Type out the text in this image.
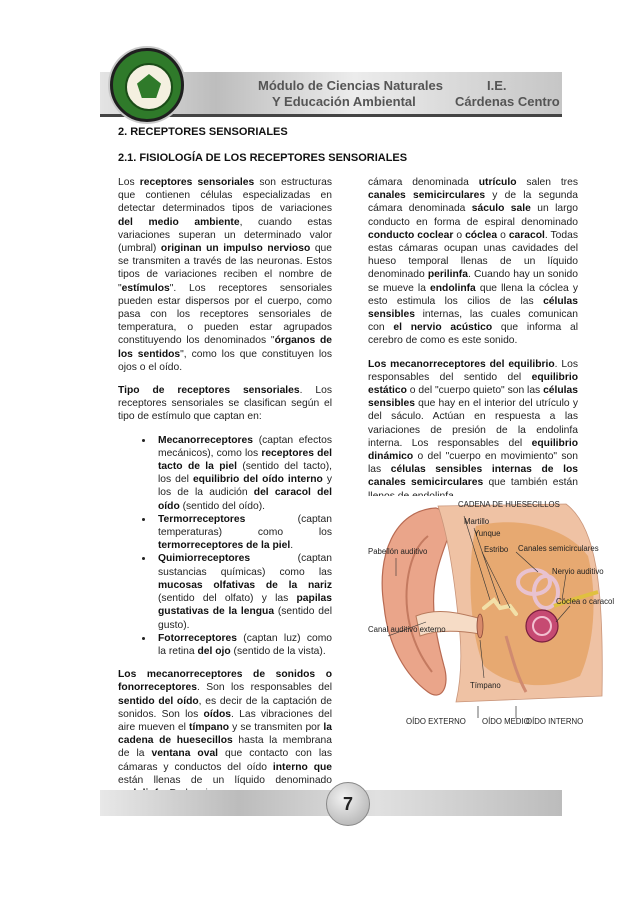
Módulo de Ciencias Naturales
Y Educación Ambiental
I.E.
Cárdenas Centro
2. RECEPTORES SENSORIALES
2.1. FISIOLOGÍA DE LOS RECEPTORES SENSORIALES

Los receptores sensoriales son estructuras que contienen células especializadas en detectar determinados tipos de variaciones del medio ambiente, cuando estas variaciones superan un determinado valor (umbral) originan un impulso nervioso que se transmiten a través de las neuronas. Estos tipos de variaciones reciben el nombre de "estímulos". Los receptores sensoriales pueden estar dispersos por el cuerpo, como pasa con los receptores sensoriales de temperatura, o pueden estar agrupados constituyendo los denominados "órganos de los sentidos", como los que constituyen los ojos o el oído.

Tipo de receptores sensoriales. Los receptores sensoriales se clasifican según el tipo de estímulo que captan en:

• Mecanorreceptores (captan efectos mecánicos), como los receptores del tacto de la piel (sentido del tacto), los del equilibrio del oído interno y los de la audición del caracol del oído (sentido del oído).
• Termorreceptores (captan temperaturas) como los termorreceptores de la piel.
• Quimiorreceptores (captan sustancias químicas) como las mucosas olfativas de la nariz (sentido del olfato) y las papilas gustativas de la lengua (sentido del gusto).
• Fotorreceptores (captan luz) como la retina del ojo (sentido de la vista).

Los mecanorreceptores de sonidos o fonorreceptores. Son los responsables del sentido del oído, es decir de la captación de sonidos. Son los oídos. Las vibraciones del aire mueven el tímpano y se transmiten por la cadena de huesecillos hasta la membrana de la ventana oval que contacto con las cámaras y conductos del oído interno que están llenas de un líquido denominado

cámara denominada utrículo salen tres canales semicirculares y de la segunda cámara denominada sáculo sale un largo conducto en forma de espiral denominado conducto coclear o cóclea o caracol. Todas estas cámaras ocupan unas cavidades del hueso temporal llenas de un líquido denominado perilinfa. Cuando hay un sonido se mueve la endolinfa que llena la cóclea y esto estimula los cilios de las células sensibles internas, las cuales comunican con el nervio acústico que informa al cerebro de como es este sonido.

Los mecanorreceptores del equilibrio. Los responsables del sentido del equilibrio estático o del "cuerpo quieto" son las células sensibles que hay en el interior del utrículo y del sáculo. Actúan en respuesta a las variaciones de presión de la endolinfa interna. Los responsables del equilibrio dinámico o del "cuerpo en movimiento" son las células sensibles internas de los canales semicirculares que también están

CADENA DE HUESECILLOS
Martillo
Yunque
Estribo Canales semicirculares
Nervio auditivo
Cóclea o caracol
Pabellón auditivo
Canal auditivo externo
Tímpano
OÍDO EXTERNO OÍDO MEDIO
OÍDO INTERNO
7
